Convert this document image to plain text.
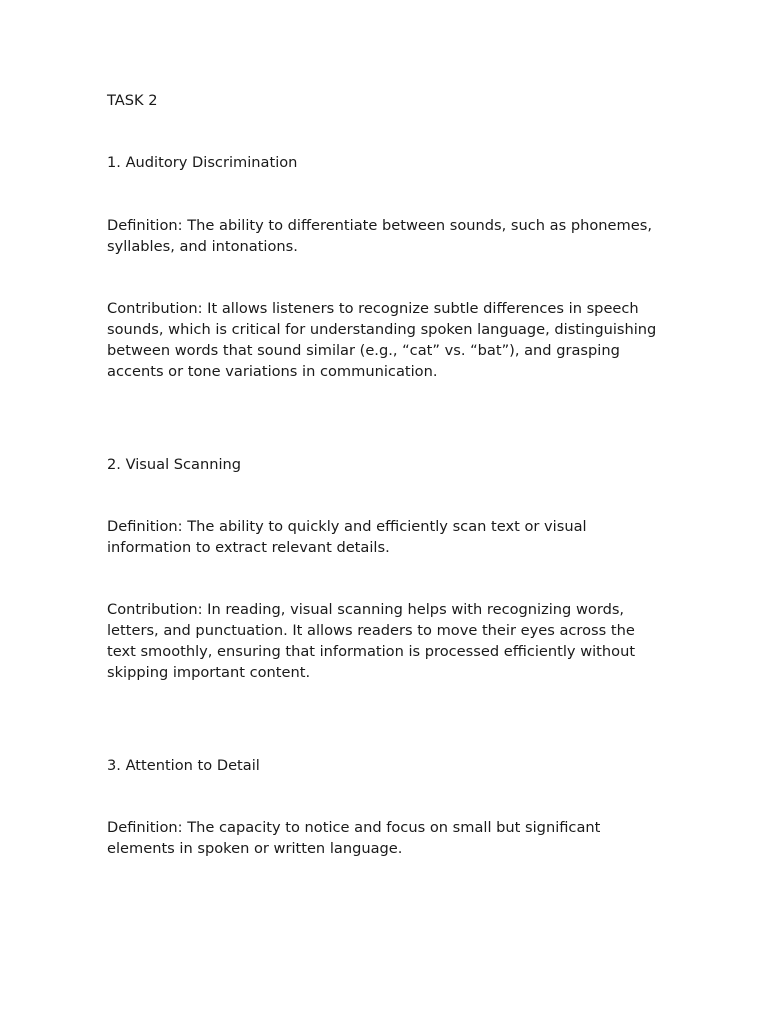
TASK 2

1. Auditory Discrimination

Definition: The ability to differentiate between sounds, such as phonemes, syllables, and intonations.

Contribution: It allows listeners to recognize subtle differences in speech sounds, which is critical for understanding spoken language, distinguishing between words that sound similar (e.g., “cat” vs. “bat”), and grasping accents or tone variations in communication.

2. Visual Scanning

Definition: The ability to quickly and efficiently scan text or visual information to extract relevant details.

Contribution: In reading, visual scanning helps with recognizing words, letters, and punctuation. It allows readers to move their eyes across the text smoothly, ensuring that information is processed efficiently without skipping important content.

3. Attention to Detail

Definition: The capacity to notice and focus on small but significant elements in spoken or written language.
